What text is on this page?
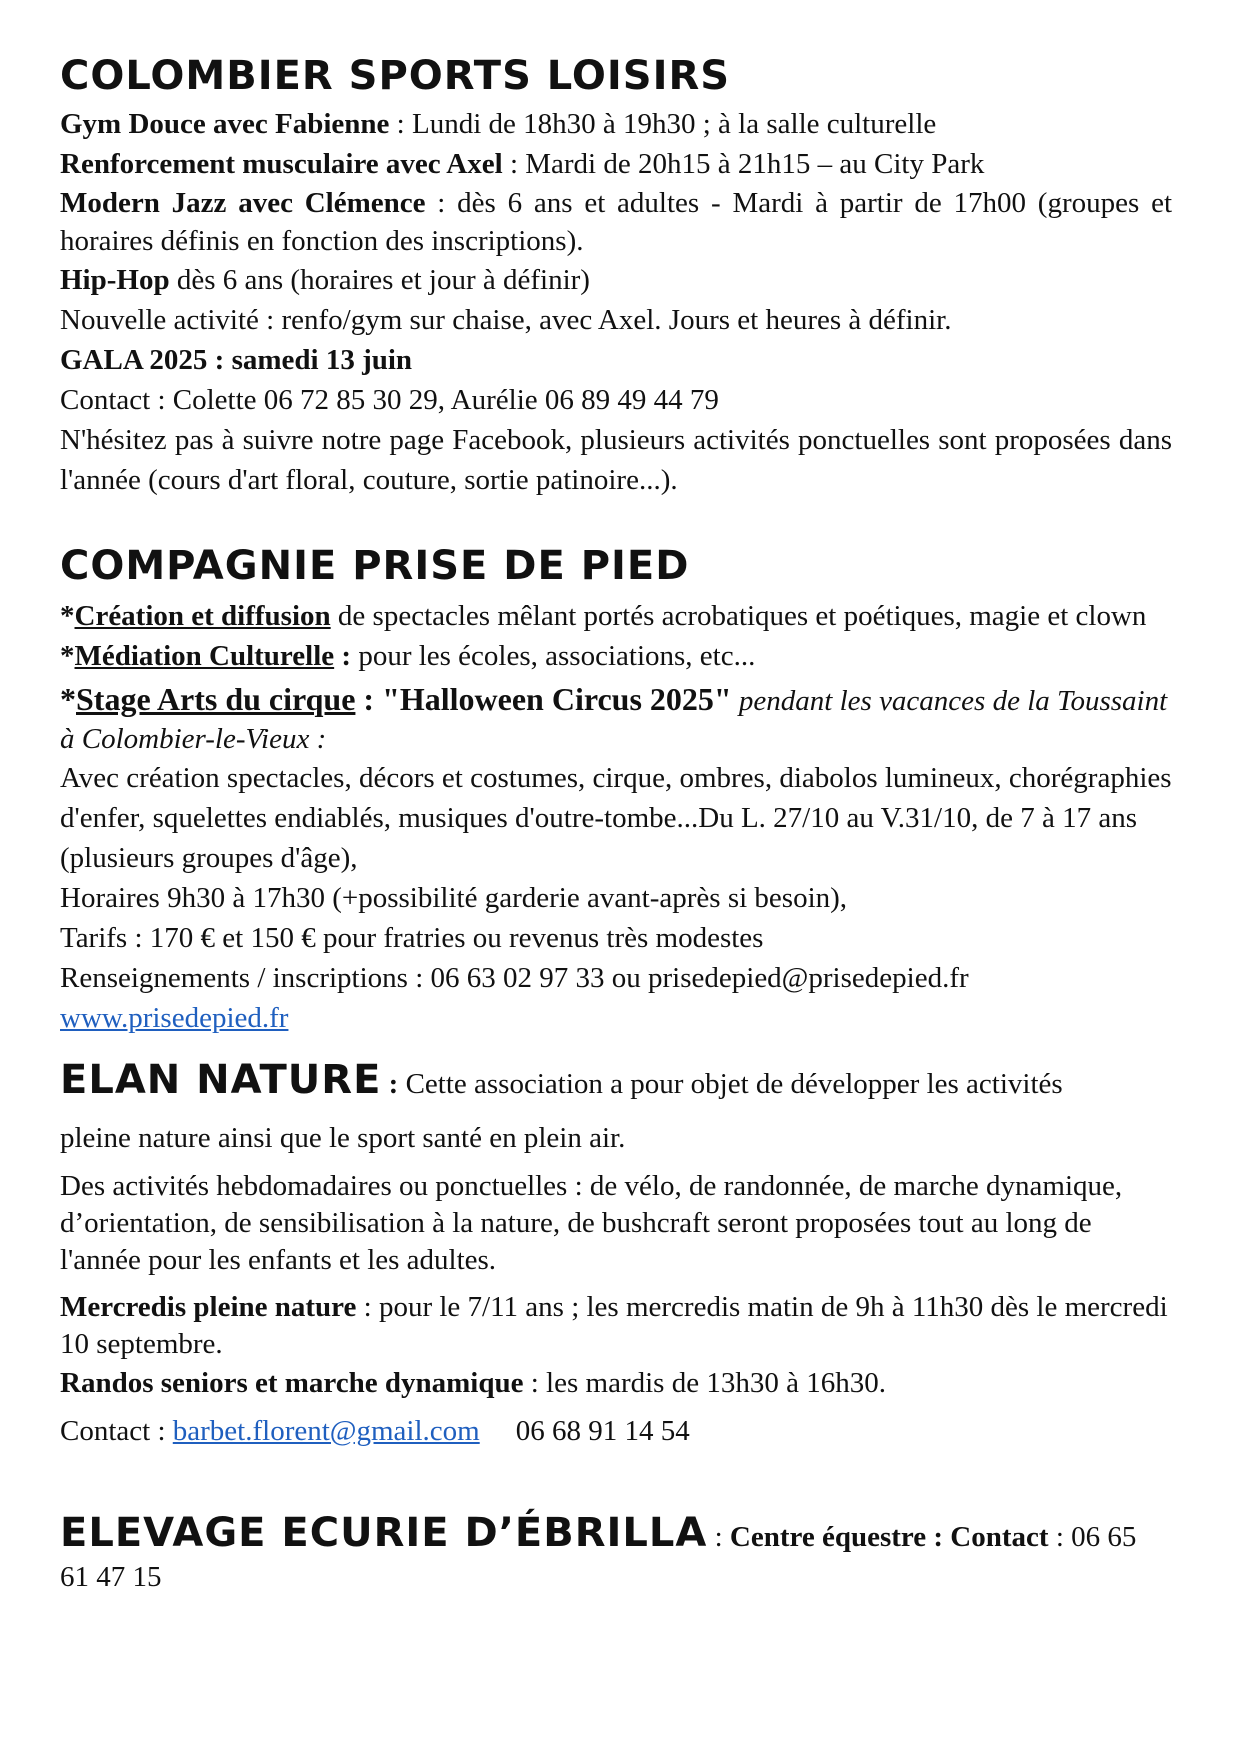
COLOMBIER SPORTS LOISIRS

Gym Douce avec Fabienne : Lundi de 18h30 à 19h30 ; à la salle culturelle

Renforcement musculaire avec Axel : Mardi de 20h15 à 21h15 – au City Park

Modern Jazz avec Clémence : dès 6 ans et adultes - Mardi à partir de 17h00 (groupes et horaires définis en fonction des inscriptions).

Hip-Hop dès 6 ans (horaires et jour à définir)

Nouvelle activité : renfo/gym sur chaise, avec Axel. Jours et heures à définir.

GALA 2025 : samedi 13 juin

Contact : Colette 06 72 85 30 29, Aurélie 06 89 49 44 79

N'hésitez pas à suivre notre page Facebook, plusieurs activités ponctuelles sont proposées dans l'année (cours d'art floral, couture, sortie patinoire...).

COMPAGNIE PRISE DE PIED

*Création et diffusion de spectacles mêlant portés acrobatiques et poétiques, magie et clown

*Médiation Culturelle : pour les écoles, associations, etc...

*Stage Arts du cirque : "Halloween Circus 2025" pendant les vacances de la Toussaint à Colombier-le-Vieux :

Avec création spectacles, décors et costumes, cirque, ombres, diabolos lumineux, chorégraphies d'enfer, squelettes endiablés, musiques d'outre-tombe...Du L. 27/10 au V.31/10, de 7 à 17 ans (plusieurs groupes d'âge),

Horaires 9h30 à 17h30 (+possibilité garderie avant-après si besoin),

Tarifs : 170 € et 150 € pour fratries ou revenus très modestes

Renseignements / inscriptions : 06 63 02 97 33 ou prisedepied@prisedepied.fr

www.prisedepied.fr

ELAN NATURE : Cette association a pour objet de développer les activités

pleine nature ainsi que le sport santé en plein air.

Des activités hebdomadaires ou ponctuelles : de vélo, de randonnée, de marche dynamique, d’orientation, de sensibilisation à la nature, de bushcraft seront proposées tout au long de l'année pour les enfants et les adultes.

Mercredis pleine nature : pour le 7/11 ans ; les mercredis matin de 9h à 11h30 dès le mercredi 10 septembre.

Randos seniors et marche dynamique : les mardis de 13h30 à 16h30.

Contact : barbet.florent@gmail.com 06 68 91 14 54

ELEVAGE ECURIE D’ÉBRILLA : Centre équestre : Contact : 06 65 61 47 15
